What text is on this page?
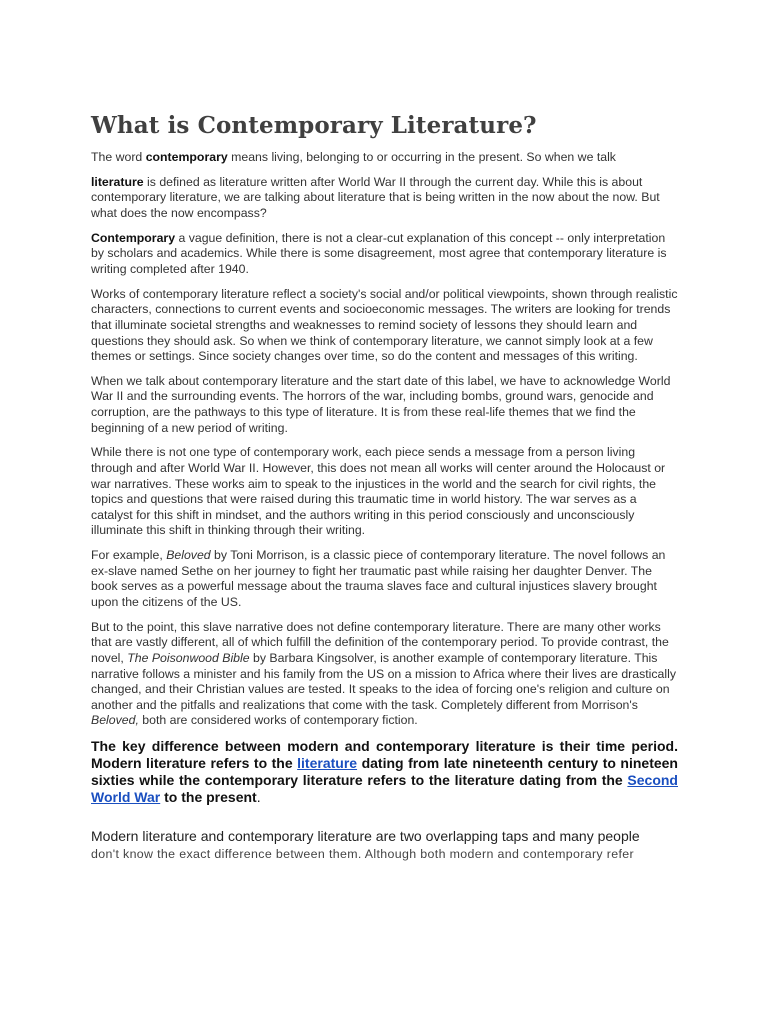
What is Contemporary Literature?

The word contemporary means living, belonging to or occurring in the present. So when we talk

literature is defined as literature written after World War II through the current day. While this is about contemporary literature, we are talking about literature that is being written in the now about the now. But what does the now encompass?

Contemporary a vague definition, there is not a clear-cut explanation of this concept -- only interpretation by scholars and academics. While there is some disagreement, most agree that contemporary literature is writing completed after 1940.

Works of contemporary literature reflect a society's social and/or political viewpoints, shown through realistic characters, connections to current events and socioeconomic messages. The writers are looking for trends that illuminate societal strengths and weaknesses to remind society of lessons they should learn and questions they should ask. So when we think of contemporary literature, we cannot simply look at a few themes or settings. Since society changes over time, so do the content and messages of this writing.

When we talk about contemporary literature and the start date of this label, we have to acknowledge World War II and the surrounding events. The horrors of the war, including bombs, ground wars, genocide and corruption, are the pathways to this type of literature. It is from these real-life themes that we find the beginning of a new period of writing.

While there is not one type of contemporary work, each piece sends a message from a person living through and after World War II. However, this does not mean all works will center around the Holocaust or war narratives. These works aim to speak to the injustices in the world and the search for civil rights, the topics and questions that were raised during this traumatic time in world history. The war serves as a catalyst for this shift in mindset, and the authors writing in this period consciously and unconsciously illuminate this shift in thinking through their writing.

For example, Beloved by Toni Morrison, is a classic piece of contemporary literature. The novel follows an ex-slave named Sethe on her journey to fight her traumatic past while raising her daughter Denver. The book serves as a powerful message about the trauma slaves face and cultural injustices slavery brought upon the citizens of the US.

But to the point, this slave narrative does not define contemporary literature. There are many other works that are vastly different, all of which fulfill the definition of the contemporary period. To provide contrast, the novel, The Poisonwood Bible by Barbara Kingsolver, is another example of contemporary literature. This narrative follows a minister and his family from the US on a mission to Africa where their lives are drastically changed, and their Christian values are tested. It speaks to the idea of forcing one's religion and culture on another and the pitfalls and realizations that come with the task. Completely different from Morrison's Beloved, both are considered works of contemporary fiction.

The key difference between modern and contemporary literature is their time period. Modern literature refers to the literature dating from late nineteenth century to nineteen sixties while the contemporary literature refers to the literature dating from the Second World War to the present.

Modern literature and contemporary literature are two overlapping taps and many people
don't know the exact difference between them. Although both modern and contemporary refer
